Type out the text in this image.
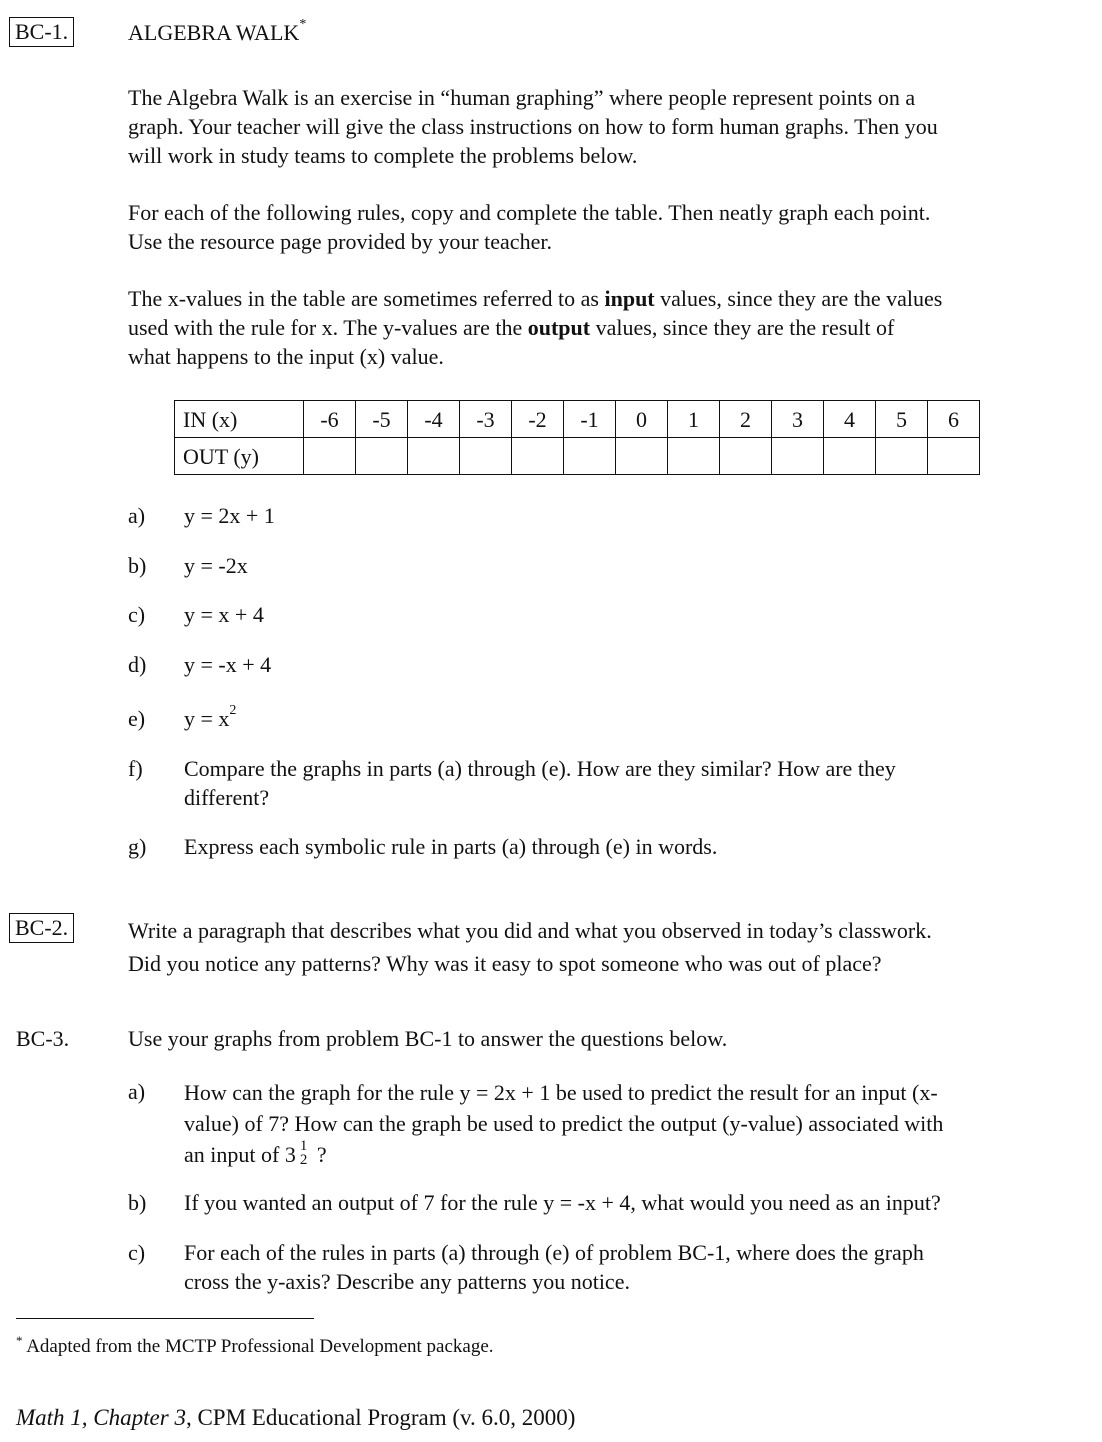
BC-1.	ALGEBRA WALK*
The Algebra Walk is an exercise in “human graphing” where people represent points on a
graph. Your teacher will give the class instructions on how to form human graphs. Then you
will work in study teams to complete the problems below.
For each of the following rules, copy and complete the table. Then neatly graph each point.
Use the resource page provided by your teacher.
The x-values in the table are sometimes referred to as input values, since they are the values
used with the rule for x. The y-values are the output values, since they are the result of
what happens to the input (x) value.
IN (x)	-6	-5	-4	-3	-2	-1	0	1	2	3	4	5	6
OUT (y)													
a) y = 2x + 1
b) y = -2x
c) y = x + 4
d) y = -x + 4
e) $y = x^2$
f) Compare the graphs in parts (a) through (e). How are they similar? How are they
different?
g) Express each symbolic rule in parts (a) through (e) in words.
BC-2.	Write a paragraph that describes what you did and what you observed in today’s classwork.
Did you notice any patterns? Why was it easy to spot someone who was out of place?
BC-3.	Use your graphs from problem BC-1 to answer the questions below.
a) How can the graph for the rule y = 2x + 1 be used to predict the result for an input (x-
value) of 7? How can the graph be used to predict the output (y-value) associated with
an input of 3 1
2 ?
b) If you wanted an output of 7 for the rule y = -x + 4, what would you need as an input?
c) For each of the rules in parts (a) through (e) of problem BC-1, where does the graph
cross the y-axis? Describe any patterns you notice.
* Adapted from the MCTP Professional Development package.
Math 1, Chapter 3, CPM Educational Program (v. 6.0, 2000)
